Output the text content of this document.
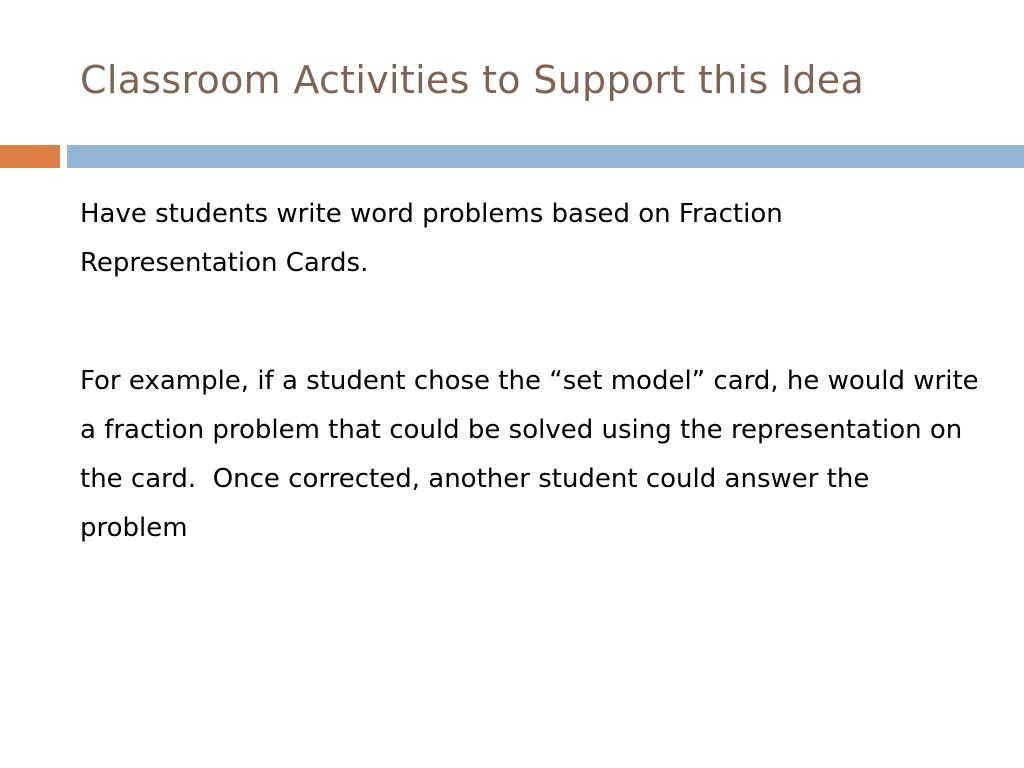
Classroom Activities to Support this Idea

Have students write word problems based on Fraction Representation Cards.

For example, if a student chose the “set model” card, he would write a fraction problem that could be solved using the representation on the card.  Once corrected, another student could answer the problem
